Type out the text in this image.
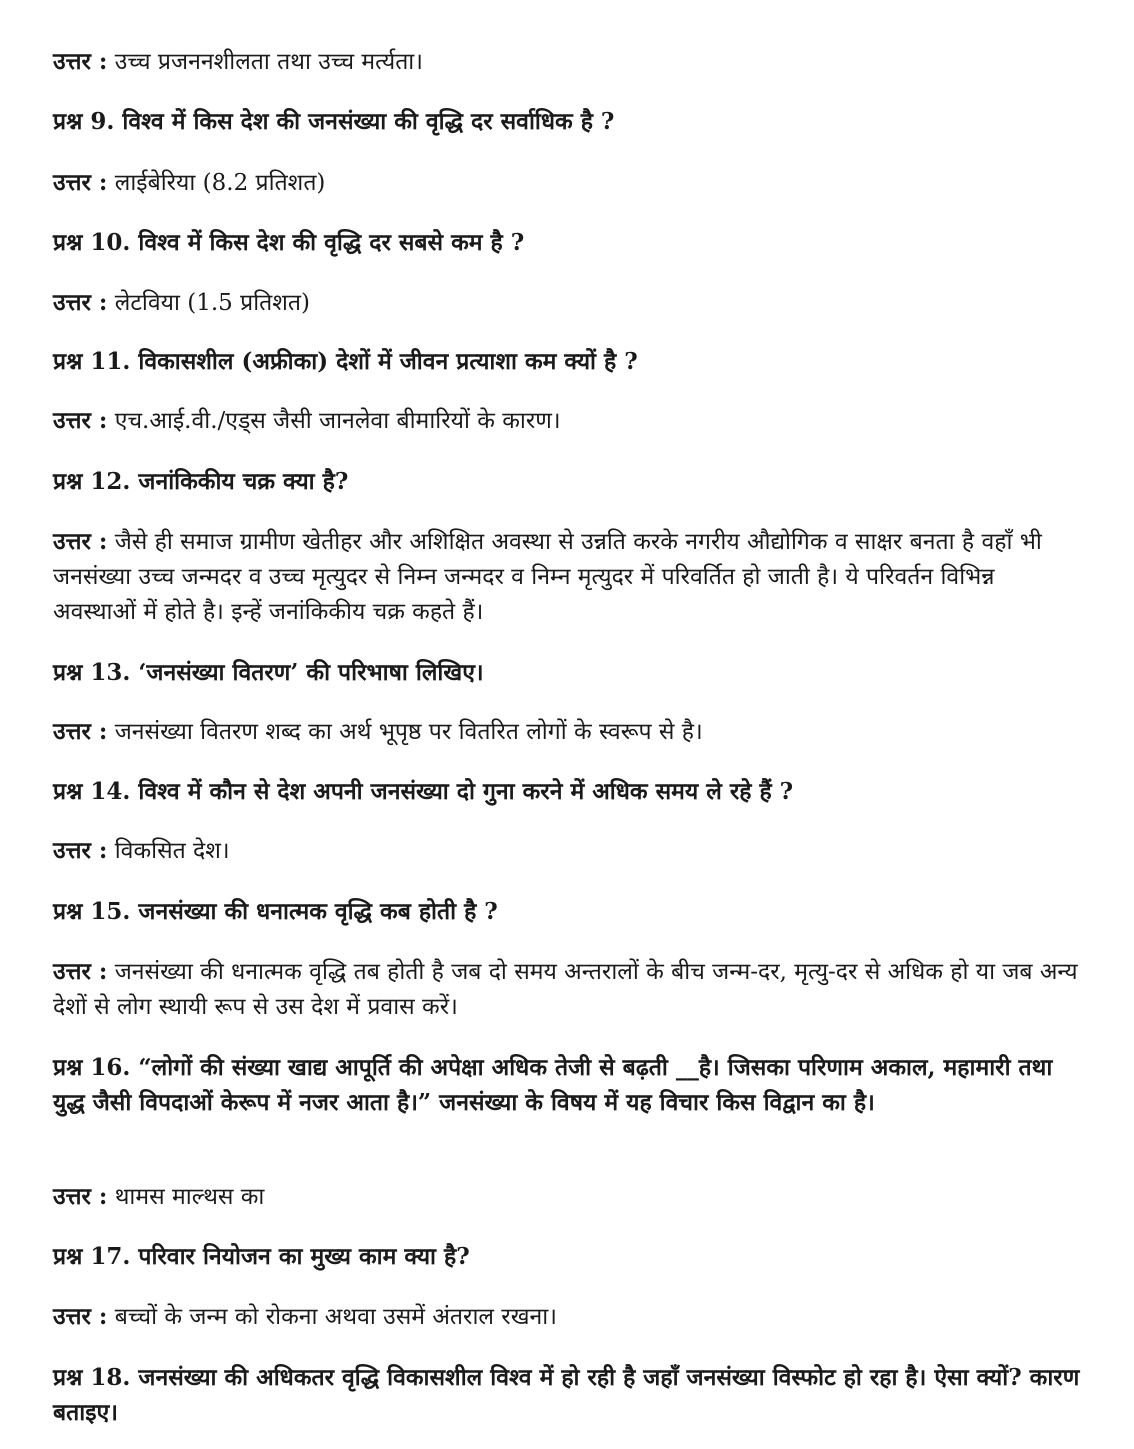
उत्तर : उच्च प्रजननशीलता तथा उच्च मर्त्यता।
प्रश्न 9. विश्व में किस देश की जनसंख्या की वृद्धि दर सर्वाधिक है ?
उत्तर : लाईबेरिया (8.2 प्रतिशत)
प्रश्न 10. विश्व में किस देश की वृद्धि दर सबसे कम है ?
उत्तर : लेटविया (1.5 प्रतिशत)
प्रश्न 11. विकासशील (अफ्रीका) देशों में जीवन प्रत्याशा कम क्यों है ?
उत्तर : एच.आई.वी./एड्स जैसी जानलेवा बीमारियों के कारण।
प्रश्न 12. जनांकिकीय चक्र क्या है?
उत्तर : जैसे ही समाज ग्रामीण खेतीहर और अशिक्षित अवस्था से उन्नति करके नगरीय औद्योगिक व साक्षर बनता है वहाँ भी जनसंख्या उच्च जन्मदर व उच्च मृत्युदर से निम्न जन्मदर व निम्न मृत्युदर में परिवर्तित हो जाती है। ये परिवर्तन विभिन्न अवस्थाओं में होते है। इन्हें जनांकिकीय चक्र कहते हैं।
प्रश्न 13. ‘जनसंख्या वितरण’ की परिभाषा लिखिए।
उत्तर : जनसंख्या वितरण शब्द का अर्थ भूपृष्ठ पर वितरित लोगों के स्वरूप से है।
प्रश्न 14. विश्व में कौन से देश अपनी जनसंख्या दो गुना करने में अधिक समय ले रहे हैं ?
उत्तर : विकसित देश।
प्रश्न 15. जनसंख्या की धनात्मक वृद्धि कब होती है ?
उत्तर : जनसंख्या की धनात्मक वृद्धि तब होती है जब दो समय अन्तरालों के बीच जन्म-दर, मृत्यु-दर से अधिक हो या जब अन्य देशों से लोग स्थायी रूप से उस देश में प्रवास करें।
प्रश्न 16. “लोगों की संख्या खाद्य आपूर्ति की अपेक्षा अधिक तेजी से बढ़ती __है। जिसका परिणाम अकाल, महामारी तथा युद्ध जैसी विपदाओं केरूप में नजर आता है।” जनसंख्या के विषय में यह विचार किस विद्वान का है।
उत्तर : थामस माल्थस का
प्रश्न 17. परिवार नियोजन का मुख्य काम क्या है?
उत्तर : बच्चों के जन्म को रोकना अथवा उसमें अंतराल रखना।
प्रश्न 18. जनसंख्या की अधिकतर वृद्धि विकासशील विश्व में हो रही है जहाँ जनसंख्या विस्फोट हो रहा है। ऐसा क्यों? कारण बताइए।
